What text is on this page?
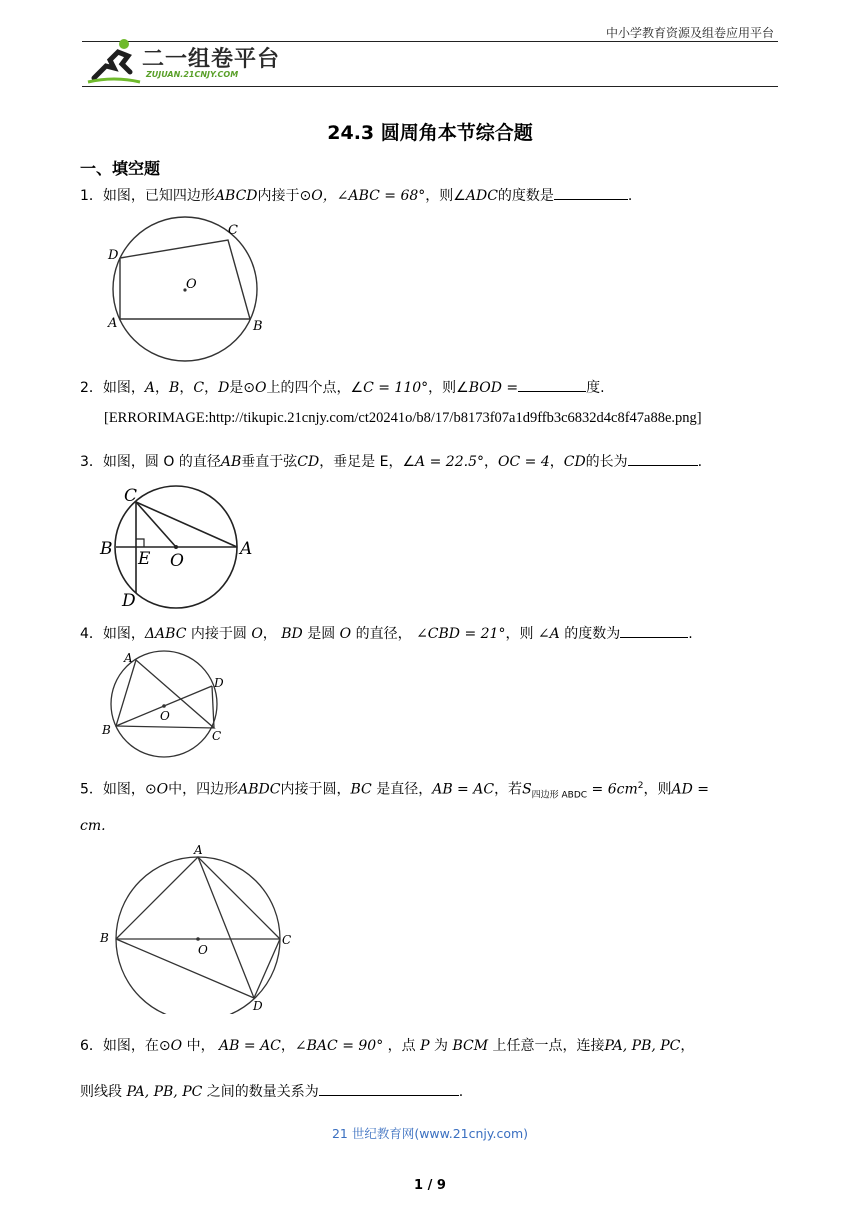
中小学教育资源及组卷应用平台
二一组卷平台
ZUJUAN.21CNJY.COM
24.3 圆周角本节综合题
一、填空题
1．如图，已知四边形ABCD内接于⊙O，∠ABC = 68°，则∠ADC的度数是	.
D
C
O
A	B
2．如图，A，B，C，D是⊙O上的四个点，∠C = 110°，则∠BOD =	度.
[ERRORIMAGE:http://tikupic.21cnjy.com/ct20241o/b8/17/b8173f07a1d9ffb3c6832d4c8f47a88e.png]
3．如图，圆 O 的直径AB垂直于弦CD，垂足是 E，∠A = 22.5°，OC = 4，CD的长为	.
C
B	A
E O
D
4．如图，ΔABC 内接于圆 O， BD 是圆 O 的直径， ∠CBD = 21°，则 ∠A 的度数为	.
A
D
O
B	C
5．如图，⊙O中，四边形ABDC内接于圆，BC 是直径，AB = AC，若$S_{四边形 ABDC} = 6cm^2$，则AD =
cm.
A
B	C
O
D
6．如图，在⊙O 中， AB = AC，∠BAC = 90° ，点 P 为 BCM 上任意一点，连接PA, PB, PC，
则线段 PA, PB, PC 之间的数量关系为	.
21 世纪教育网(www.21cnjy.com)
1 / 9
